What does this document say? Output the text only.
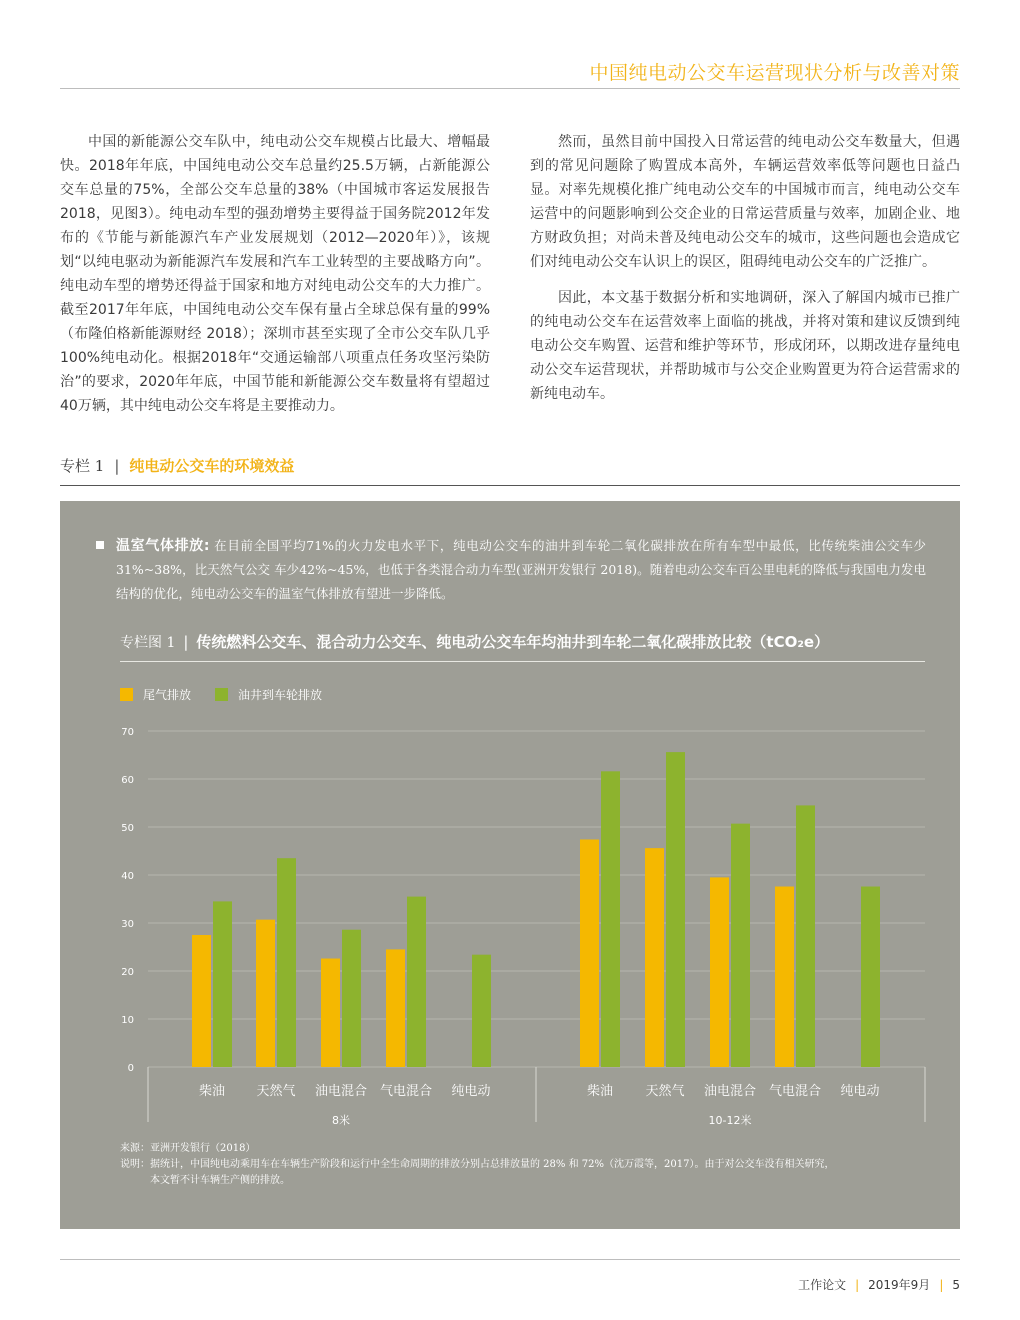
中国纯电动公交车运营现状分析与改善对策

中国的新能源公交车队中，纯电动公交车规模占比最大、增幅最快。2018年年底，中国纯电动公交车总量约25.5万辆，占新能源公交车总量的75%，全部公交车总量的38%（中国城市客运发展报告2018，见图3）。纯电动车型的强劲增势主要得益于国务院2012年发布的《节能与新能源汽车产业发展规划（2012—2020年）》，该规划“以纯电驱动为新能源汽车发展和汽车工业转型的主要战略方向”。纯电动车型的增势还得益于国家和地方对纯电动公交车的大力推广。截至2017年年底，中国纯电动公交车保有量占全球总保有量的99%（布隆伯格新能源财经 2018）；深圳市甚至实现了全市公交车队几乎100%纯电动化。根据2018年“交通运输部八项重点任务攻坚污染防治”的要求，2020年年底，中国节能和新能源公交车数量将有望超过40万辆，其中纯电动公交车将是主要推动力。

然而，虽然目前中国投入日常运营的纯电动公交车数量大，但遇到的常见问题除了购置成本高外，车辆运营效率低等问题也日益凸显。对率先规模化推广纯电动公交车的中国城市而言，纯电动公交车运营中的问题影响到公交企业的日常运营质量与效率，加剧企业、地方财政负担；对尚未普及纯电动公交车的城市，这些问题也会造成它们对纯电动公交车认识上的误区，阻碍纯电动公交车的广泛推广。

因此，本文基于数据分析和实地调研，深入了解国内城市已推广的纯电动公交车在运营效率上面临的挑战，并将对策和建议反馈到纯电动公交车购置、运营和维护等环节，形成闭环，以期改进存量纯电动公交车运营现状，并帮助城市与公交企业购置更为符合运营需求的新纯电动车。

专栏 1 | 纯电动公交车的环境效益
温室气体排放: 在目前全国平均71%的火力发电水平下，纯电动公交车的油井到车轮二氧化碳排放在所有车型中最低，比传统柴油公交车少31%~38%，比天然气公交 车少42%~45%，也低于各类混合动力车型(亚洲开发银行 2018)。随着电动公交车百公里电耗的降低与我国电力发电结构的优化，纯电动公交车的温室气体排放有望进一步降低。
专栏图 1 | 传统燃料公交车、混合动力公交车、纯电动公交车年均油井到车轮二氧化碳排放比较（tCO₂e）
尾气排放	油井到车轮排放
0
10
20
30
40
50
60
70
柴油 天然气 油电混合 气电混合 纯电动	柴油 天然气 油电混合 气电混合 纯电动
8米	10-12米
来源：亚洲开发银行（2018）
说明：据统计，中国纯电动乘用车在车辆生产阶段和运行中全生命周期的排放分别占总排放量的 28% 和 72%（沈万霞等，2017）。由于对公交车没有相关研究，
本文暂不计车辆生产侧的排放。
工作论文 | 2019年9月 | 5
